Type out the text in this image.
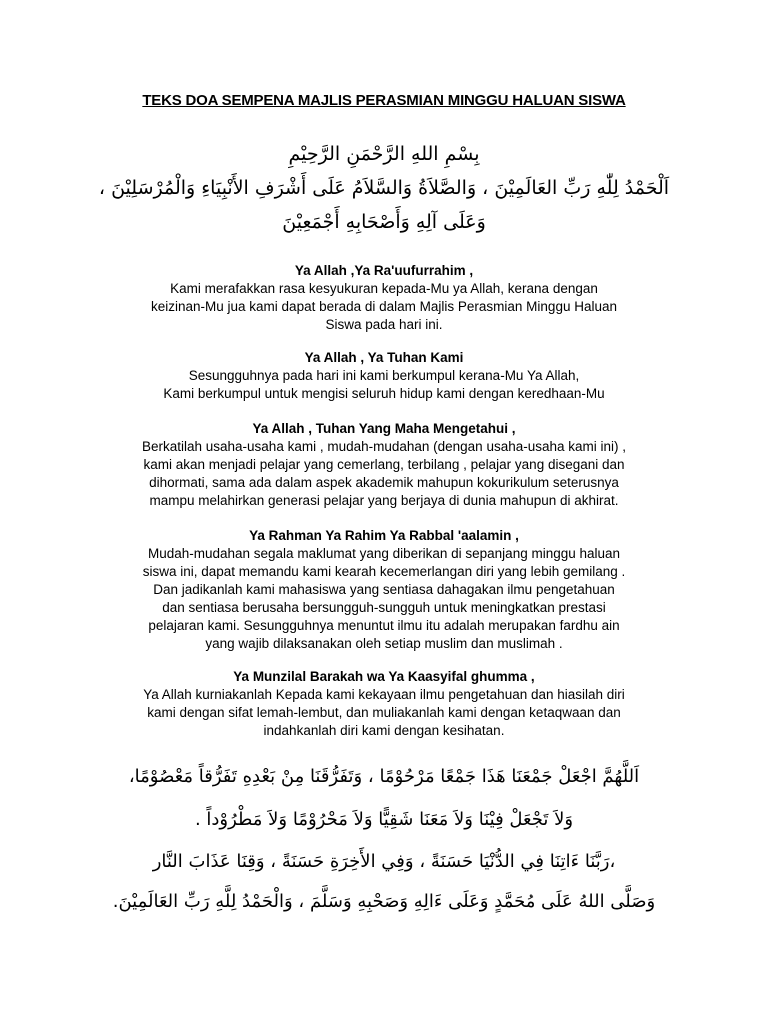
TEKS DOA SEMPENA MAJLIS PERASMIAN MINGGU HALUAN SISWA
بِسْمِ اللهِ الرَّحْمَنِ الرَّحِيْمِ
اَلْحَمْدُ لِلّٰهِ رَبِّ العَالَمِيْنَ ، وَالصَّلاَةُ وَالسَّلاَمُ عَلَى أَشْرَفِ الأَنْبِيَاءِ وَالْمُرْسَلِيْنَ ،
وَعَلَى آلِهِ وَأَصْحَابِهِ أَجْمَعِيْنَ

Ya Allah ,Ya Ra'uufurrahim ,

Kami merafakkan rasa kesyukuran kepada-Mu ya Allah, kerana dengan

keizinan-Mu jua kami dapat berada di dalam Majlis Perasmian Minggu Haluan

Siswa pada hari ini.

Ya Allah , Ya Tuhan Kami

Sesungguhnya pada hari ini kami berkumpul kerana-Mu Ya Allah,

Kami berkumpul untuk mengisi seluruh hidup kami dengan keredhaan-Mu

Ya Allah , Tuhan Yang Maha Mengetahui ,

Berkatilah usaha-usaha kami , mudah-mudahan (dengan usaha-usaha kami ini) ,

kami akan menjadi pelajar yang cemerlang, terbilang , pelajar yang disegani dan

dihormati, sama ada dalam aspek akademik mahupun kokurikulum seterusnya

mampu melahirkan generasi pelajar yang berjaya di dunia mahupun di akhirat.

Ya Rahman Ya Rahim Ya Rabbal 'aalamin ,

Mudah-mudahan segala maklumat yang diberikan di sepanjang minggu haluan

siswa ini, dapat memandu kami kearah kecemerlangan diri yang lebih gemilang .

Dan jadikanlah kami mahasiswa yang sentiasa dahagakan ilmu pengetahuan

dan sentiasa berusaha bersungguh-sungguh untuk meningkatkan prestasi

pelajaran kami. Sesungguhnya menuntut ilmu itu adalah merupakan fardhu ain

yang wajib dilaksanakan oleh setiap muslim dan muslimah .

Ya Munzilal Barakah wa Ya Kaasyifal ghumma ,

Ya Allah kurniakanlah Kepada kami kekayaan ilmu pengetahuan dan hiasilah diri

kami dengan sifat lemah-lembut, dan muliakanlah kami dengan ketaqwaan dan

indahkanlah diri kami dengan kesihatan.

اَللَّهُمَّ اجْعَلْ جَمْعَنَا هَذَا جَمْعًا مَرْحُوْمًا ، وَتَفَرُّقَنَا مِنْ بَعْدِهِ تَفَرُّقاً مَعْصُوْمًا،
وَلاَ تَجْعَلْ فِيْنَا وَلاَ مَعَنَا شَقِيًّا وَلاَ مَحْرُوْمًا وَلاَ مَطْرُوْداً .
،رَبَّنَا ءَاتِنَا فِي الدُّنْيَا حَسَنَةً ، وَفِي الأَخِرَةِ حَسَنَةً ، وَقِنَا عَذَابَ النَّار
وَصَلَّى اللهُ عَلَى مُحَمَّدٍ وَعَلَى ءَالِهِ وَصَحْبِهِ وَسَلَّمَ ، وَالْحَمْدُ لِلَّهِ رَبِّ العَالَمِيْنَ.
